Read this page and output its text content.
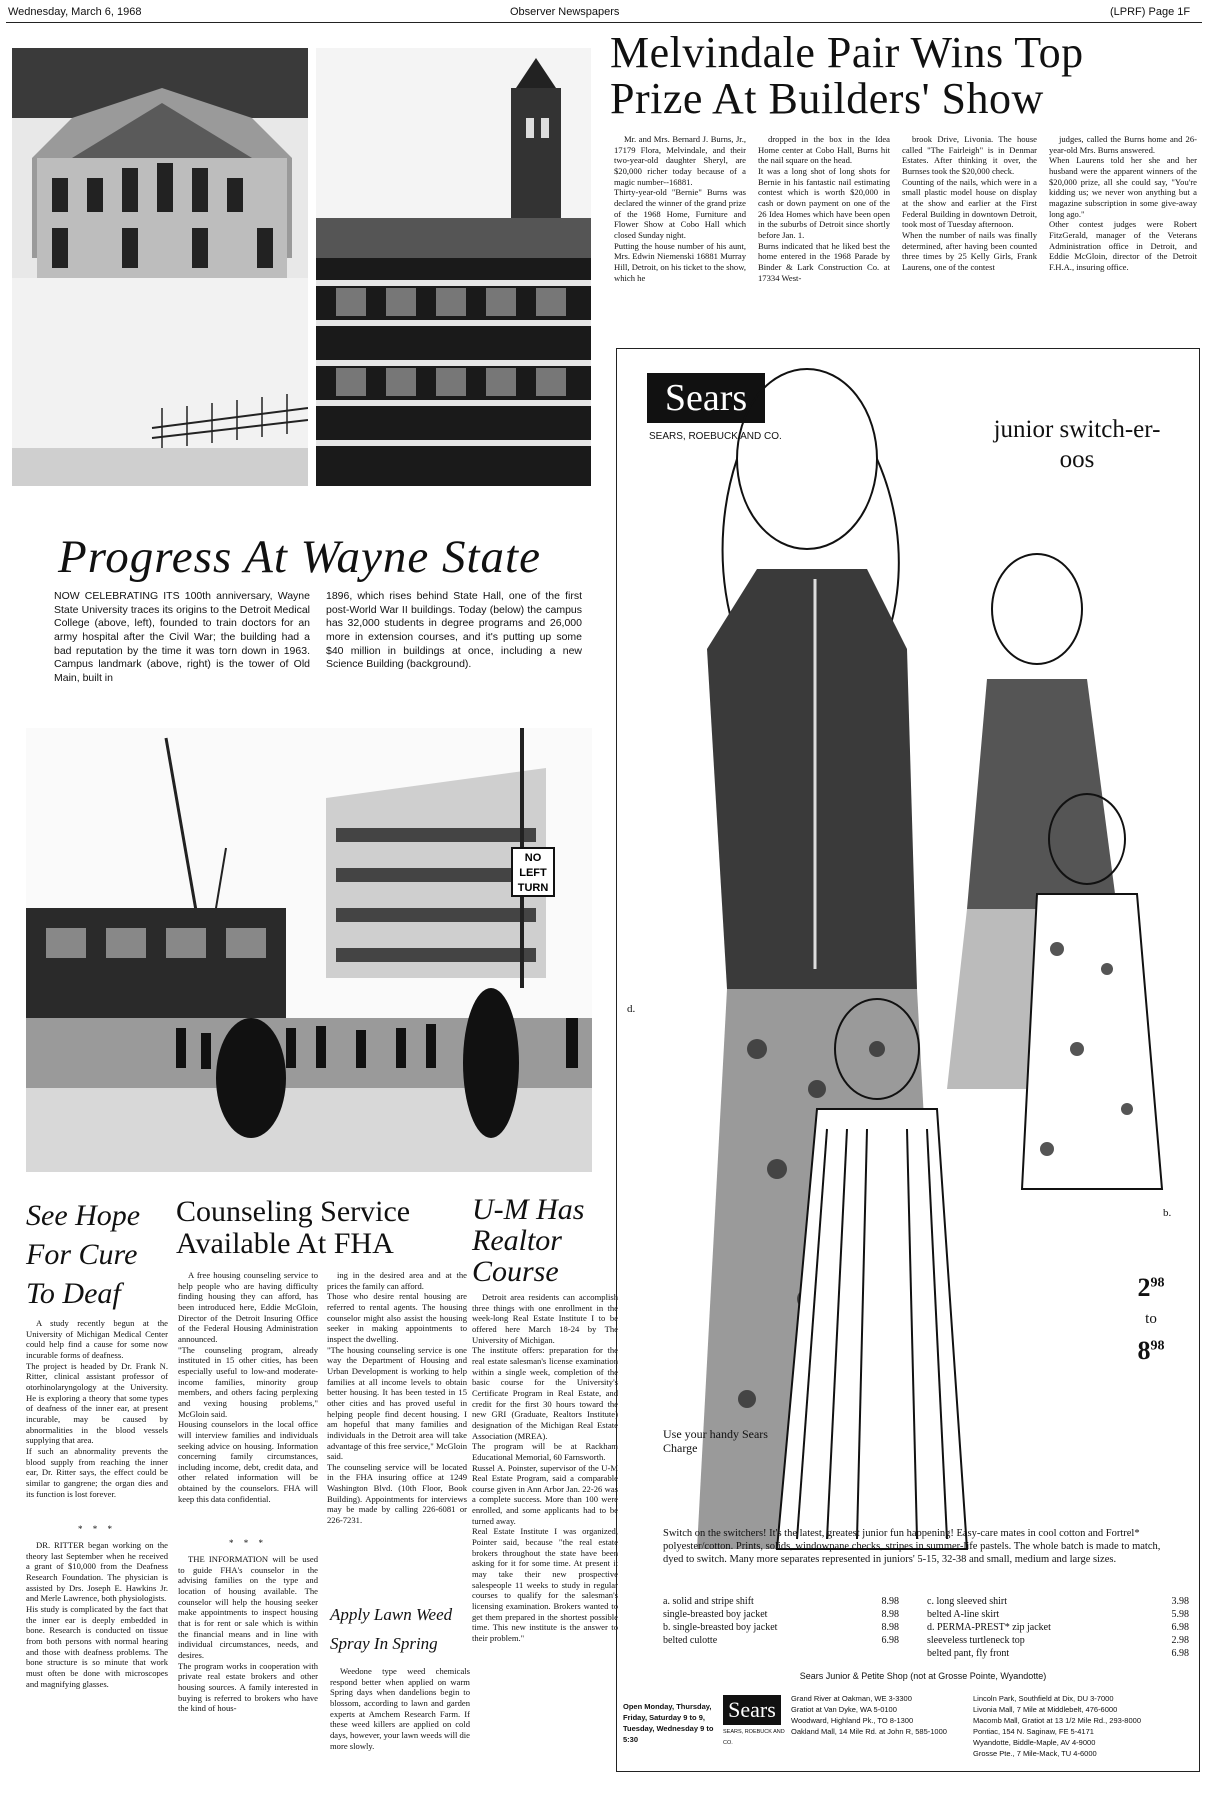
Wednesday, March 6, 1968	Observer Newspapers	(LPRF) Page 1F
Melvindale Pair Wins Top Prize At Builders' Show

Mr. and Mrs. Bernard J. Burns, Jr., 17179 Flora, Melvindale, and their two-year-old daughter Sheryl, are $20,000 richer today because of a magic number--16881.
Thirty-year-old "Bernie" Burns was declared the winner of the grand prize of the 1968 Home, Furniture and Flower Show at Cobo Hall which closed Sunday night.
Putting the house number of his aunt, Mrs. Edwin Niemenski 16881 Murray Hill, Detroit, on his ticket to the show, which he

dropped in the box in the Idea Home center at Cobo Hall, Burns hit the nail square on the head.
It was a long shot of long shots for Bernie in his fantastic nail estimating contest which is worth $20,000 in cash or down payment on one of the 26 Idea Homes which have been open in the suburbs of Detroit since shortly before Jan. 1.
Burns indicated that he liked best the home entered in the 1968 Parade by Binder & Lark Construction Co. at 17334 West-

brook Drive, Livonia. The house called "The Fairleigh" is in Denmar Estates. After thinking it over, the Burnses took the $20,000 check.
Counting of the nails, which were in a small plastic model house on display at the show and earlier at the First Federal Building in downtown Detroit, took most of Tuesday afternoon.
When the number of nails was finally determined, after having been counted three times by 25 Kelly Girls, Frank Laurens, one of the contest

judges, called the Burns home and 26-year-old Mrs. Burns answered.
When Laurens told her she and her husband were the apparent winners of the $20,000 prize, all she could say, "You're kidding us; we never won anything but a magazine subscription in some give-away long ago."
Other contest judges were Robert FitzGerald, manager of the Veterans Administration office in Detroit, and Eddie McGloin, director of the Detroit F.H.A., insuring office.

Progress At Wayne State
NOW CELEBRATING ITS 100th anniversary, Wayne State University traces its origins to the Detroit Medical College (above, left), founded to train doctors for an army hospital after the Civil War; the building had a bad reputation by the time it was torn down in 1963. Campus landmark (above, right) is the tower of Old Main, built in
1896, which rises behind State Hall, one of the first post-World War II buildings. Today (below) the campus has 32,000 students in degree programs and 26,000 more in extension courses, and it's putting up some $40 million in buildings at once, including a new Science Building (background).
NO
LEFT
TURN
See Hope For Cure To Deaf

A study recently begun at the University of Michigan Medical Center could help find a cause for some now incurable forms of deafness.
The project is headed by Dr. Frank N. Ritter, clinical assistant professor of otorhinolaryngology at the University. He is exploring a theory that some types of deafness of the inner ear, at present incurable, may be caused by abnormalities in the blood vessels supplying that area.
If such an abnormality prevents the blood supply from reaching the inner ear, Dr. Ritter says, the effect could be similar to gangrene; the organ dies and its function is lost forever.

* * *

DR. RITTER began working on the theory last September when he received a grant of $10,000 from the Deafness Research Foundation. The physician is assisted by Drs. Joseph E. Hawkins Jr. and Merle Lawrence, both physiologists.
His study is complicated by the fact that the inner ear is deeply embedded in bone. Research is conducted on tissue from both persons with normal hearing and those with deafness problems. The bone structure is so minute that work must often be done with microscopes and magnifying glasses.

Counseling Service Available At FHA

A free housing counseling service to help people who are having difficulty finding housing they can afford, has been introduced here, Eddie McGloin, Director of the Detroit Insuring Office of the Federal Housing Administration announced.
"The counseling program, already instituted in 15 other cities, has been especially useful to low-and moderate-income families, minority group members, and others facing perplexing and vexing housing problems," McGloin said.
Housing counselors in the local office will interview families and individuals seeking advice on housing. Information concerning family circumstances, including income, debt, credit data, and other related information will be obtained by the counselors. FHA will keep this data confidential.

* * *

THE INFORMATION will be used to guide FHA's counselor in the advising families on the type and location of housing available. The counselor will help the housing seeker make appointments to inspect housing that is for rent or sale which is within the financial means and in line with individual circumstances, needs, and desires.
The program works in cooperation with private real estate brokers and other housing sources. A family interested in buying is referred to brokers who have the kind of hous-

ing in the desired area and at the prices the family can afford.
Those who desire rental housing are referred to rental agents. The housing counselor might also assist the housing seeker in making appointments to inspect the dwelling.
"The housing counseling service is one way the Department of Housing and Urban Development is working to help families at all income levels to obtain better housing. It has been tested in 15 other cities and has proved useful in helping people find decent housing. I am hopeful that many families and individuals in the Detroit area will take advantage of this free service," McGloin said.
The counseling service will be located in the FHA insuring office at 1249 Washington Blvd. (10th Floor, Book Building). Appointments for interviews may be made by calling 226-6081 or 226-7231.

Apply Lawn Weed Spray In Spring

Weedone type weed chemicals respond better when applied on warm Spring days when dandelions begin to blossom, according to lawn and garden experts at Amchem Research Farm. If these weed killers are applied on cold days, however, your lawn weeds will die more slowly.

U-M Has Realtor Course

Detroit area residents can accomplish three things with one enrollment in the week-long Real Estate Institute I to be offered here March 18-24 by The University of Michigan.
The institute offers: preparation for the real estate salesman's license examination within a single week, completion of the basic course for the University's Certificate Program in Real Estate, and credit for the first 30 hours toward the new GRI (Graduate, Realtors Institute) designation of the Michigan Real Estate Association (MREA).
The program will be at Rackham Educational Memorial, 60 Farnsworth.
Russel A. Poinster, supervisor of the U-M Real Estate Program, said a comparable course given in Ann Arbor Jan. 22-26 was a complete success. More than 100 were enrolled, and some applicants had to be turned away.
Real Estate Institute I was organized, Pointer said, because "the real estate brokers throughout the state have been asking for it for some time. At present it may take their new prospective salespeople 11 weeks to study in regular courses to qualify for the salesman's licensing examination. Brokers wanted to get them prepared in the shortest possible time. This new institute is the answer to their problem."

Sears
SEARS, ROEBUCK AND CO.	junior switch-er-oos
d.
b.
$2^{98}$
to
$8^{98}$
Use your handy Sears Charge
Switch on the switchers! It's the latest, greatest junior fun happening! Easy-care mates in cool cotton and Fortrel* polyester/cotton. Prints, solids, windowpane checks, stripes in summer-life pastels. The whole batch is made to match, dyed to switch. Many more separates represented in juniors' 5-15, 32-38 and small, medium and large sizes.
a. solid and stripe shift	8.98
single-breasted boy jacket	8.98
b. single-breasted boy jacket	8.98
belted culotte	6.98
c. long sleeved shirt	3.98
belted A-line skirt	5.98
d. PERMA-PREST* zip jacket	6.98
sleeveless turtleneck top	2.98
belted pant, fly front	6.98
Sears Junior & Petite Shop (not at Grosse Pointe, Wyandotte)
Open Monday, Thursday, Friday, Saturday 9 to 9, Tuesday, Wednesday 9 to 5:30
Sears
SEARS, ROEBUCK AND CO.
Grand River at Oakman, WE 3-3300
Gratiot at Van Dyke, WA 5-0100
Woodward, Highland Pk., TO 8-1300
Oakland Mall, 14 Mile Rd. at John R, 585-1000
Lincoln Park, Southfield at Dix, DU 3-7000
Livonia Mall, 7 Mile at Middlebelt, 476-6000
Macomb Mall, Gratiot at 13 1/2 Mile Rd., 293-8000
Pontiac, 154 N. Saginaw, FE 5-4171
Wyandotte, Biddle-Maple, AV 4-9000
Grosse Pte., 7 Mile-Mack, TU 4-6000
